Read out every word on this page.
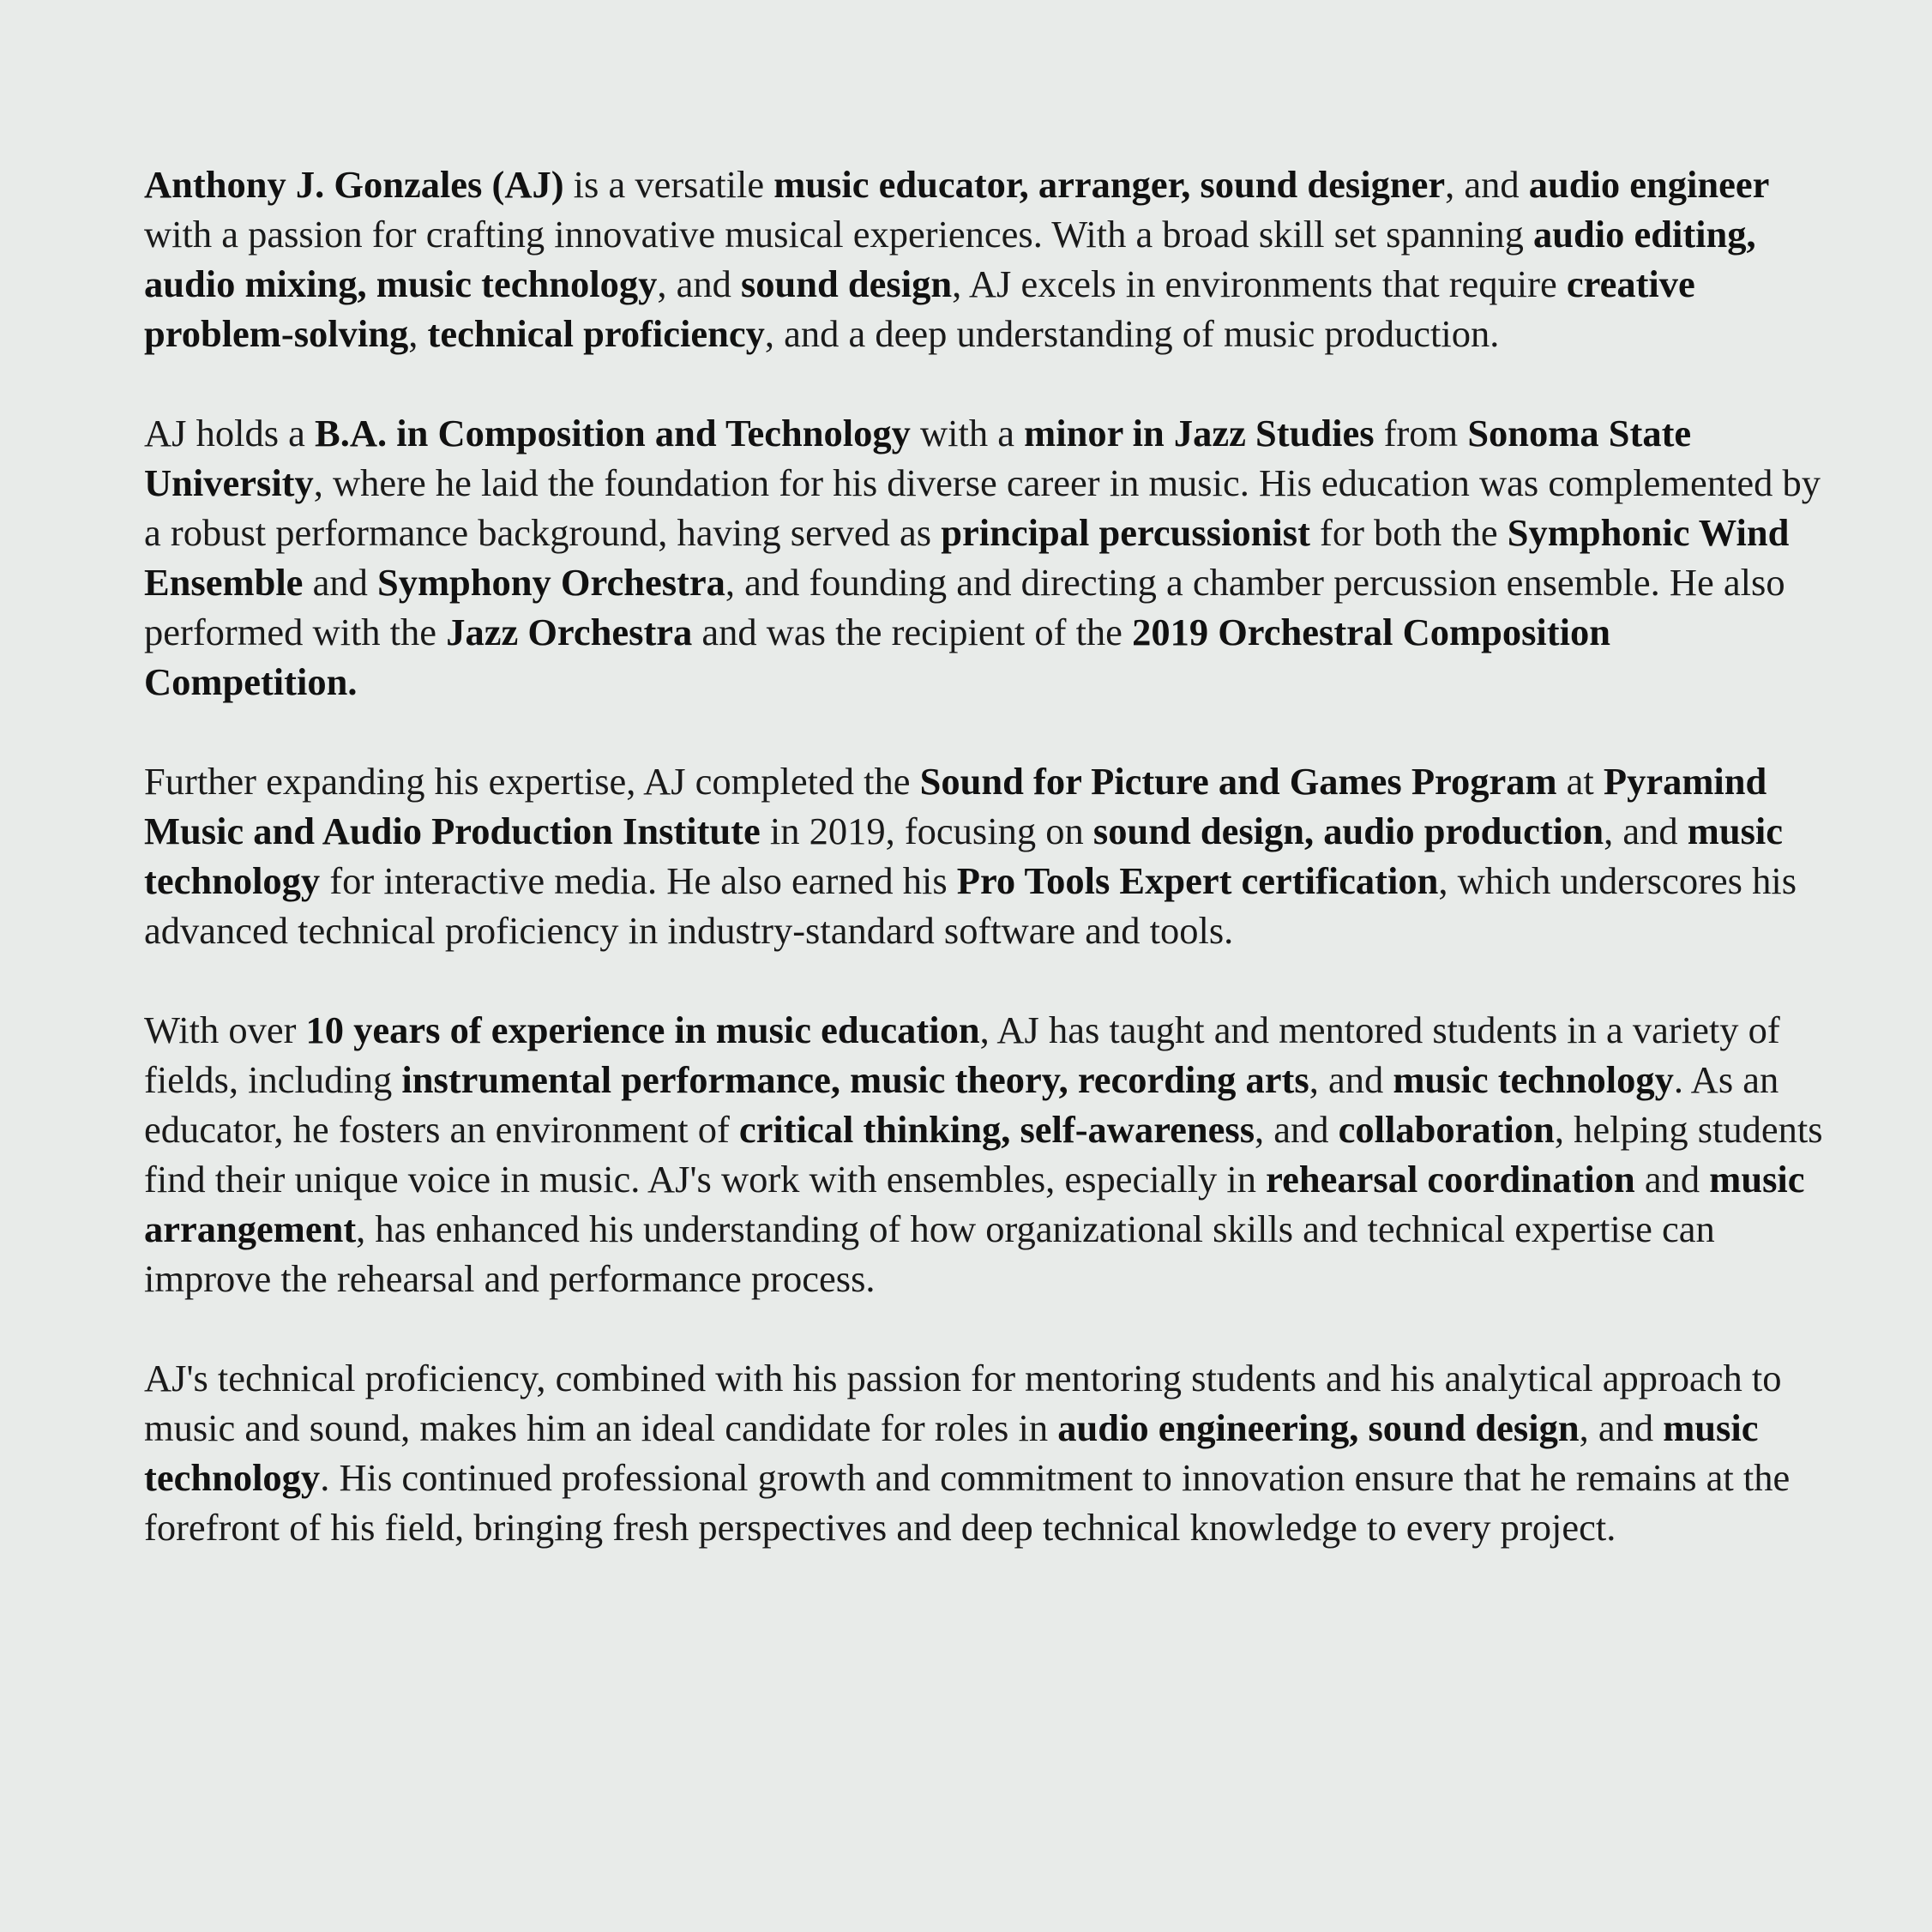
Anthony J. Gonzales (AJ) is a versatile music educator, arranger, sound designer, and audio engineer with a passion for crafting innovative musical experiences. With a broad skill set spanning audio editing, audio mixing, music technology, and sound design, AJ excels in environments that require creative problem-solving, technical proficiency, and a deep understanding of music production.

AJ holds a B.A. in Composition and Technology with a minor in Jazz Studies from Sonoma State University, where he laid the foundation for his diverse career in music. His education was complemented by a robust performance background, having served as principal percussionist for both the Symphonic Wind Ensemble and Symphony Orchestra, and founding and directing a chamber percussion ensemble. He also performed with the Jazz Orchestra and was the recipient of the 2019 Orchestral Composition Competition.

Further expanding his expertise, AJ completed the Sound for Picture and Games Program at Pyramind Music and Audio Production Institute in 2019, focusing on sound design, audio production, and music technology for interactive media. He also earned his Pro Tools Expert certification, which underscores his advanced technical proficiency in industry-standard software and tools.

With over 10 years of experience in music education, AJ has taught and mentored students in a variety of fields, including instrumental performance, music theory, recording arts, and music technology. As an educator, he fosters an environment of critical thinking, self-awareness, and collaboration, helping students find their unique voice in music. AJ's work with ensembles, especially in rehearsal coordination and music arrangement, has enhanced his understanding of how organizational skills and technical expertise can improve the rehearsal and performance process.

AJ's technical proficiency, combined with his passion for mentoring students and his analytical approach to music and sound, makes him an ideal candidate for roles in audio engineering, sound design, and music technology. His continued professional growth and commitment to innovation ensure that he remains at the forefront of his field, bringing fresh perspectives and deep technical knowledge to every project.
